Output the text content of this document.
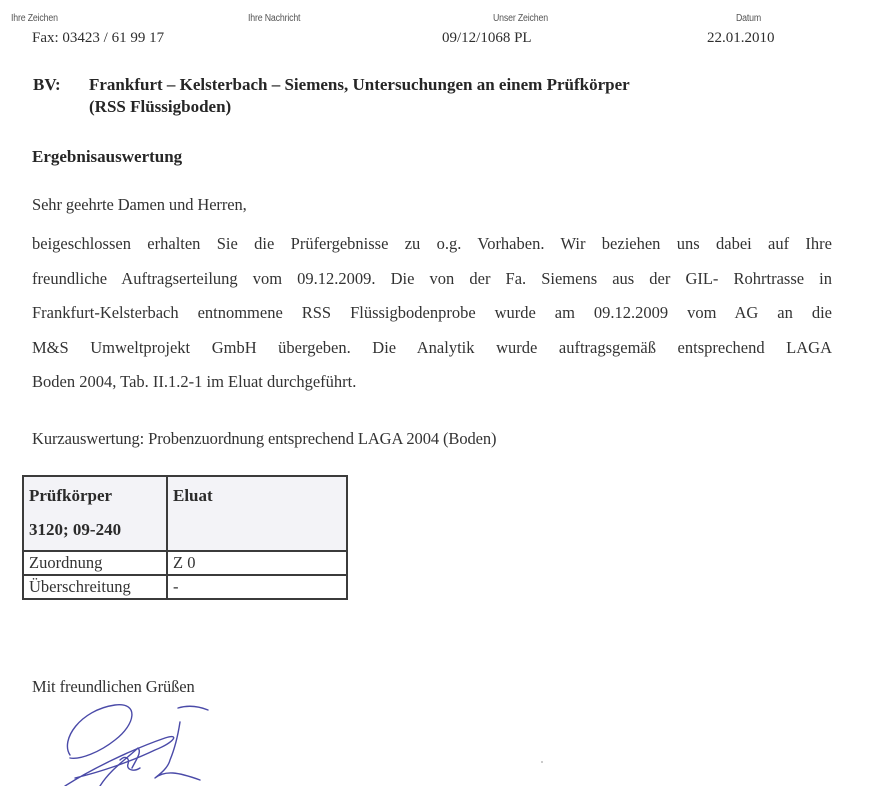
Ihre Zeichen
Fax: 03423 / 61 99 17
Ihre Nachricht	Unser Zeichen
09/12/1068 PL
Datum
22.01.2010
BV: Frankfurt – Kelsterbach – Siemens, Untersuchungen an einem Prüfkörper
(RSS Flüssigboden)
Ergebnisauswertung
Sehr geehrte Damen und Herren,
beigeschlossen erhalten Sie die Prüfergebnisse zu o.g. Vorhaben. Wir beziehen uns dabei auf Ihre
freundliche Auftragserteilung vom 09.12.2009. Die von der Fa. Siemens aus der GIL- Rohrtrasse in
Frankfurt-Kelsterbach entnommene RSS Flüssigbodenprobe wurde am 09.12.2009 vom AG an die
M&S Umweltprojekt GmbH übergeben. Die Analytik wurde auftragsgemäß entsprechend LAGA
Boden 2004, Tab. II.1.2-1 im Eluat durchgeführt.
Kurzauswertung: Probenzuordnung entsprechend LAGA 2004 (Boden)
Prüfkörper
3120; 09-240	Eluat
Zuordnung	Z 0
Überschreitung	-
Mit freundlichen Grüßen
